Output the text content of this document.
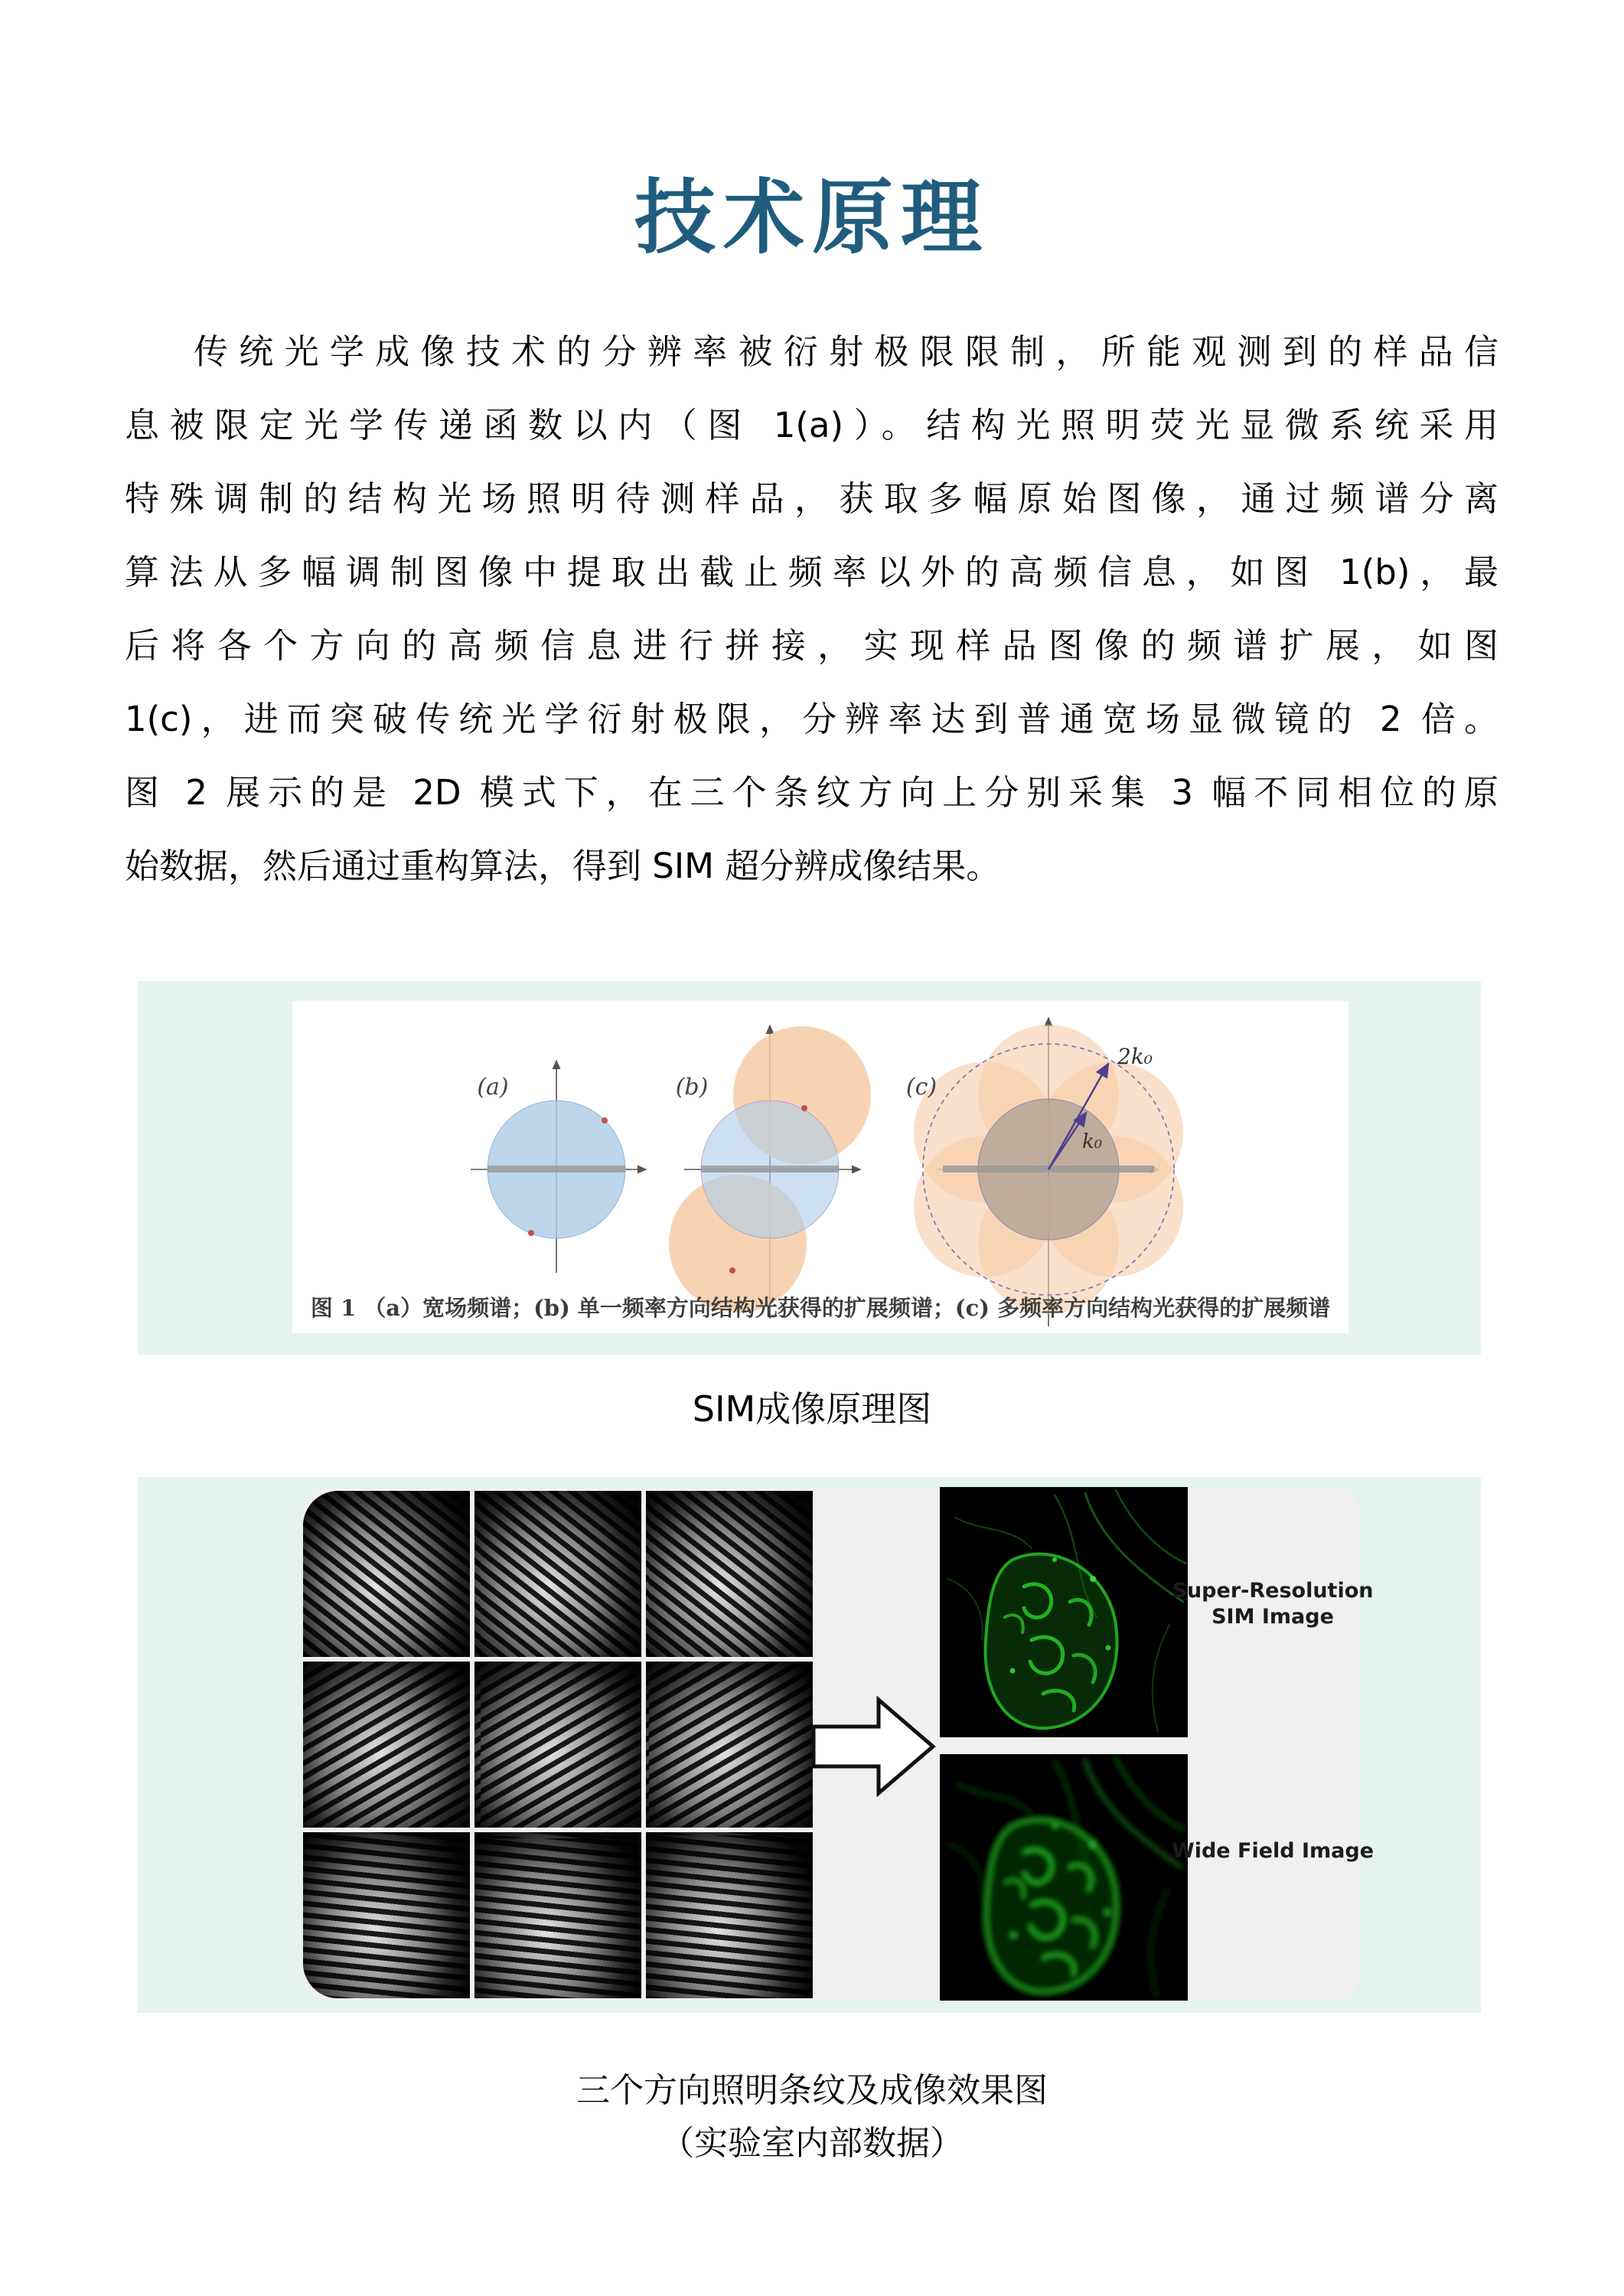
技术原理
传统光学成像技术的分辨率被衍射极限限制，所能观测到的样品信
息被限定光学传递函数以内（图 1(a)）。结构光照明荧光显微系统采用
特殊调制的结构光场照明待测样品，获取多幅原始图像，通过频谱分离
算法从多幅调制图像中提取出截止频率以外的高频信息，如图 1(b)，最
后将各个方向的高频信息进行拼接，实现样品图像的频谱扩展，如图
1(c)，进而突破传统光学衍射极限，分辨率达到普通宽场显微镜的 2 倍。
图 2 展示的是 2D 模式下，在三个条纹方向上分别采集 3 幅不同相位的原
始数据，然后通过重构算法，得到 SIM 超分辨成像结果。
(a)	(b)
2k₀
k₀
(c)
图 1 （a）宽场频谱；(b) 单一频率方向结构光获得的扩展频谱；(c) 多频率方向结构光获得的扩展频谱
SIM成像原理图
Super-Resolution SIM Image
Wide Field Image
三个方向照明条纹及成像效果图
（实验室内部数据）
